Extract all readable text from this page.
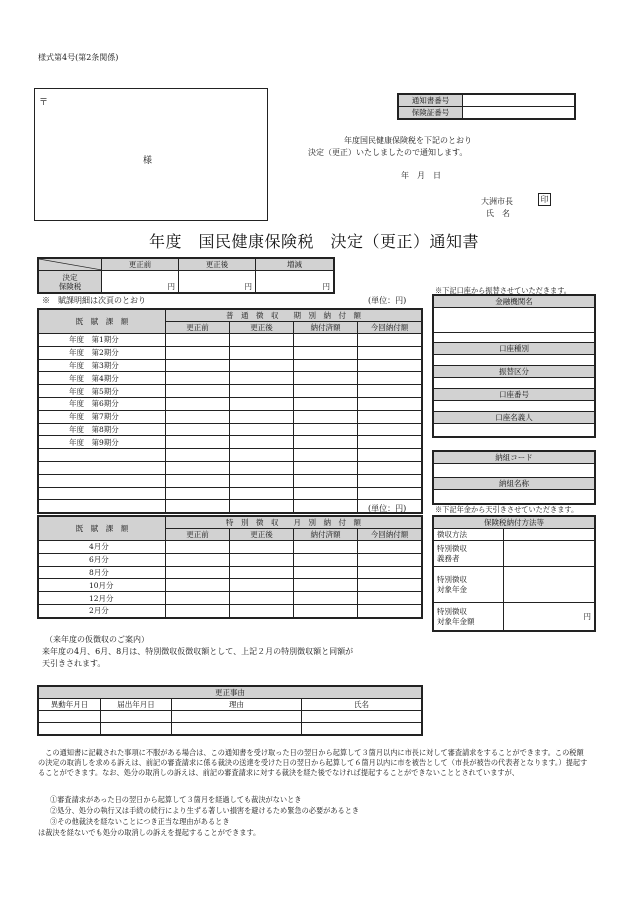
様式第4号(第2条関係)
〒
様
通知書番号	
保険証番号	
年度国民健康保険税を下記のとおり
決定（更正）いたしましたので通知します。
年　月　日
大洲市長	印
氏　名
年度　国民健康保険税　決定（更正）通知書
	更正前	更正後	増減

決定
保険税	円	円	円
※　賦課明細は次頁のとおり	(単位：円)
既　賦　課　額	普　通　徴　収　　期　別　納　付　額			
	更正前	更正後	納付済額	今回納付額
年度　第1期分				
年度　第2期分				
年度　第3期分				
年度　第4期分				
年度　第5期分				
年度　第6期分				
年度　第7期分				
年度　第8期分				
年度　第9期分				

※下記口座から振替させていただきます。
金融機関名

口座種別

振替区分

口座番号

口座名義人

納組コード

納組名称

(単位：円)
既　賦　課　額	特　別　徴　収　　月　別　納　付　額			
	更正前	更正後	納付済額	今回納付額
4月分				
6月分				
8月分				
10月分				
12月分				
2月分				
※下記年金から天引きさせていただきます。
保険税納付方法等	
徴収方法	

特別徴収
義務者	

特別徴収
対象年金	

特別徴収
対象年金額	円
（来年度の仮徴収のご案内）
来年度の4月、6月、8月は、特別徴収仮徴収額として、上記２月の特別徴収額と同額が
天引きされます。
更正事由			
異動年月日	届出年月日	理由	氏名

　この通知書に記載された事項に不服がある場合は、この通知書を受け取った日の翌日から起算して３箇月以内に市長に対して審査請求をすることができます。この税額の決定の取消しを求める訴えは、前記の審査請求に係る裁決の送達を受けた日の翌日から起算して６箇月以内に市を被告として（市長が被告の代表者となります。）提起することができます。なお、処分の取消しの訴えは、前記の審査請求に対する裁決を経た後でなければ提起することができないこととされていますが、
①審査請求があった日の翌日から起算して３箇月を経過しても裁決がないとき
②処分、処分の執行又は手続の続行により生ずる著しい損害を避けるため緊急の必要があるとき
③その他裁決を経ないことにつき正当な理由があるとき
は裁決を経ないでも処分の取消しの訴えを提起することができます。
